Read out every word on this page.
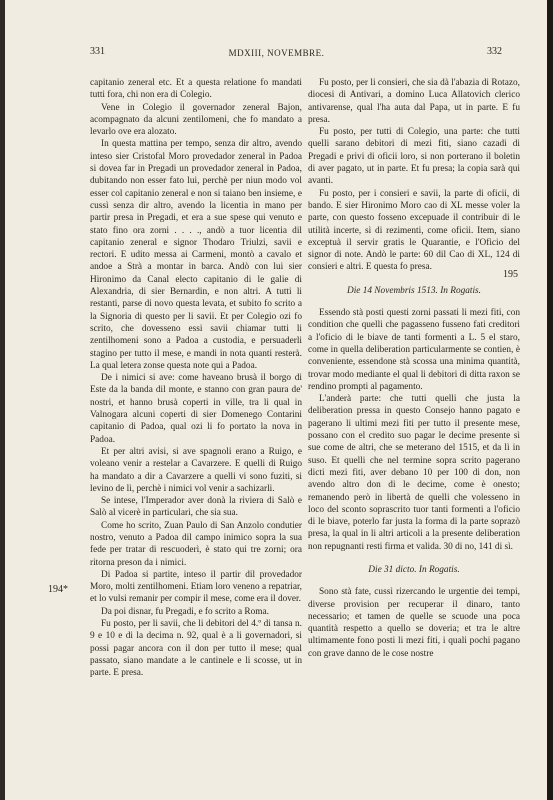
331	MDXIII, NOVEMBRE.	332
194*
195

capitanio zeneral etc. Et a questa relatione fo mandati tutti fora, chi non era di Colegio.

Vene in Colegio il governador zeneral Bajon, acompagnato da alcuni zentilomeni, che fo mandato a levarlo ove era alozato.

In questa mattina per tempo, senza dir altro, avendo inteso sier Cristofal Moro provedador zeneral in Padoa si dovea far in Pregadi un provedador zeneral in Padoa, dubitando non esser fato lui, perchè per niun modo vol esser col capitanio zeneral e non si taiano ben insieme, e cussì senza dir altro, avendo la licentia in mano per partir presa in Pregadi, et era a sue spese qui venuto e stato fino ora zorni . . . ., andò a tuor licentia dil capitanio zeneral e signor Thodaro Triulzi, savii e rectori. E udito messa ai Carmeni, montò a cavalo et andoe a Strà a montar in barca. Andò con lui sier Hironimo da Canal electo capitanio di le galie di Alexandria, di sier Bernardin, e non altri. A tutti li restanti, parse di novo questa levata, et subito fo scrito a la Signoria di questo per li savii. Et per Colegio ozi fo scrito, che dovesseno essi savii chiamar tutti li zentilhomeni sono a Padoa a custodia, e persuaderli stagino per tutto il mese, e mandi in nota quanti resterà. La qual letera zonse questa note qui a Padoa.

De i nimici si ave: come haveano brusà il borgo di Este da la banda dil monte, e stanno con gran paura de' nostri, et hanno brusà coperti in ville, tra li qual in Valnogara alcuni coperti di sier Domenego Contarini capitanio di Padoa, qual ozi li fo portato la nova in Padoa.

Et per altri avisi, si ave spagnoli erano a Ruigo, e voleano venir a restelar a Cavarzere. E quelli di Ruigo ha mandato a dir a Cavarzere a quelli vi sono fuziti, si levino de lì, perchè i nimici vol venir a sachizarli.

Se intese, l'Imperador aver donà la riviera di Salò e Salò al vicerè in particulari, che sia sua.

Come ho scrito, Zuan Paulo di San Anzolo condutier nostro, venuto a Padoa dil campo inimico sopra la sua fede per tratar di rescuoderì, è stato qui tre zorni; ora ritorna preson da i nimici.

Di Padoa si partite, inteso il partir dil provedador Moro, molti zentilhomeni. Etiam loro veneno a repatriar, et lo vulsi remanir per compir il mese, come era il dover.

Da poi disnar, fu Pregadi, e fo scrito a Roma.

Fu posto, per li savii, che li debitori del 4.º di tansa n. 9 e 10 e di la decima n. 92, qual è a li governadori, si possi pagar ancora con il don per tutto il mese; qual passato, siano mandate a le cantinele e li scosse, ut in parte. E presa.

Fu posto, per li consieri, che sia dà l'abazia di Rotazo, diocesi di Antivari, a domino Luca Allatovich clerico antivarense, qual l'ha auta dal Papa, ut in parte. E fu presa.

Fu posto, per tutti di Colegio, una parte: che tutti quelli sarano debitori di mezi fiti, siano cazadi di Pregadi e privi di oficii loro, si non porterano il boletin di aver pagato, ut in parte. Et fu presa; la copia sarà qui avanti.

Fu posto, per i consieri e savii, la parte di oficii, di bando. E sier Hironimo Moro cao di XL messe voler la parte, con questo fosseno excepuade il contribuir di le utilità incerte, sì di rezimenti, come oficii. Item, siano exceptuà il servir gratis le Quarantie, e l'Oficio del signor di note. Andò le parte: 60 dil Cao di XL, 124 di consieri e altri. E questa fo presa.

Die 14 Novembris 1513. In Rogatis.

Essendo stà posti questi zorni passati li mezi fiti, con condition che quelli che pagasseno fusseno fati creditori a l'oficio di le biave de tanti formenti a L. 5 el staro, come in quella deliberation particularmente se contien, è conveniente, essendone stà scossa una minima quantità, trovar modo mediante el qual li debitori di ditta raxon se rendino prompti al pagamento.

L'anderà parte: che tutti quelli che justa la deliberation pressa in questo Consejo hanno pagato e pagerano li ultimi mezi fiti per tutto il presente mese, possano con el credito suo pagar le decime presente sì sue come de altri, che se meterano del 1515, et da lì in suso. Et quelli che nel termine sopra scrito pagerano dicti mezi fiti, aver debano 10 per 100 di don, non avendo altro don di le decime, come è onesto; remanendo però in libertà de quelli che volesseno in loco del sconto soprascrito tuor tanti formenti a l'oficio di le biave, poterlo far justa la forma di la parte soprazò presa, la qual in li altri articoli a la presente deliberation non repugnanti resti firma et valida. 30 di no, 141 di sì.

Die 31 dicto. In Rogatis.

Sono stà fate, cussì rizercando le urgentie dei tempi, diverse provision per recuperar il dinaro, tanto necessario; et tamen de quelle se scuode una poca quantità respetto a quello se doveria; et tra le altre ultimamente fono posti li mezi fiti, i quali pochi pagano con grave danno de le cose nostre
